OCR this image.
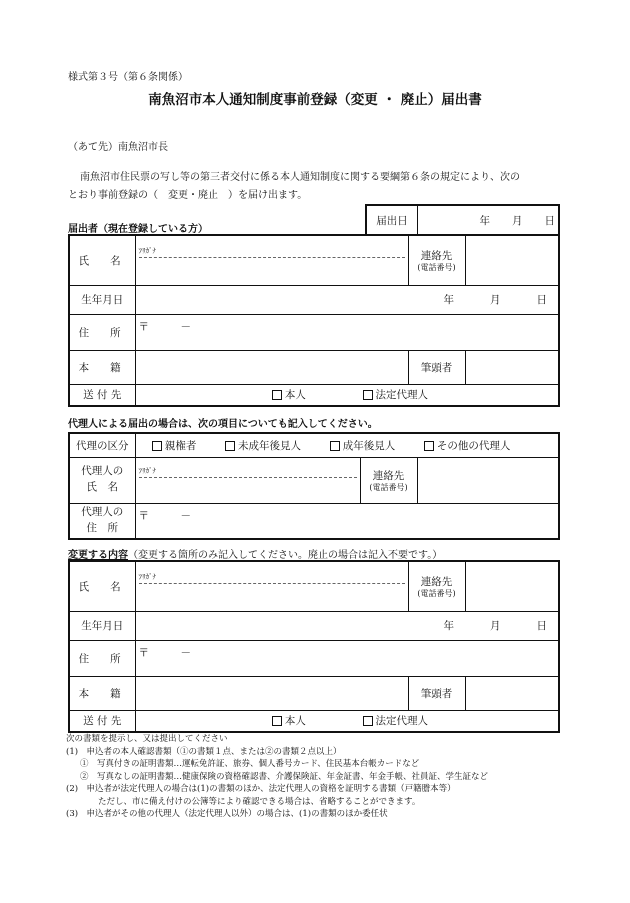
様式第３号（第６条関係）
南魚沼市本人通知制度事前登録（変更 ・ 廃止）届出書
（あて先）南魚沼市長
南魚沼市住民票の写し等の第三者交付に係る本人通知制度に関する要綱第６条の規定により、次の
とおり事前登録の（　変更・廃止　）を届け出ます。
届出者（現在登録している方）
届出日	年 月 日
氏　名	ﾌﾘｶﾞﾅ	連絡先
(電話番号)	

生年月日	年 月 日		
住　所	〒　　　－		
本　籍		筆頭者	
送 付 先	本人 法定代理人		
代理人による届出の場合は、次の項目についても記入してください。
代理の区分	親権者 未成年後見人 成年後見人 その他の代理人		
代理人の
氏　名	ﾌﾘｶﾞﾅ	連絡先
(電話番号)	

代理人の
住　所	〒　　　－		
変更する内容（変更する箇所のみ記入してください。廃止の場合は記入不要です。）
氏　名	ﾌﾘｶﾞﾅ	連絡先
(電話番号)	

生年月日	年 月 日		
住　所	〒　　　－		
本　籍		筆頭者	
送 付 先	本人 法定代理人		
次の書類を提示し、又は提出してください
(1)　申込者の本人確認書類（①の書類１点、または②の書類２点以上）
①　写真付きの証明書類…運転免許証、旅券、個人番号カード、住民基本台帳カードなど
②　写真なしの証明書類…健康保険の資格確認書、介護保険証、年金証書、年金手帳、社員証、学生証など
(2)　申込者が法定代理人の場合は(1)の書類のほか、法定代理人の資格を証明する書類（戸籍謄本等）
ただし、市に備え付けの公簿等により確認できる場合は、省略することができます。
(3)　申込者がその他の代理人（法定代理人以外）の場合は、(1)の書類のほか委任状
